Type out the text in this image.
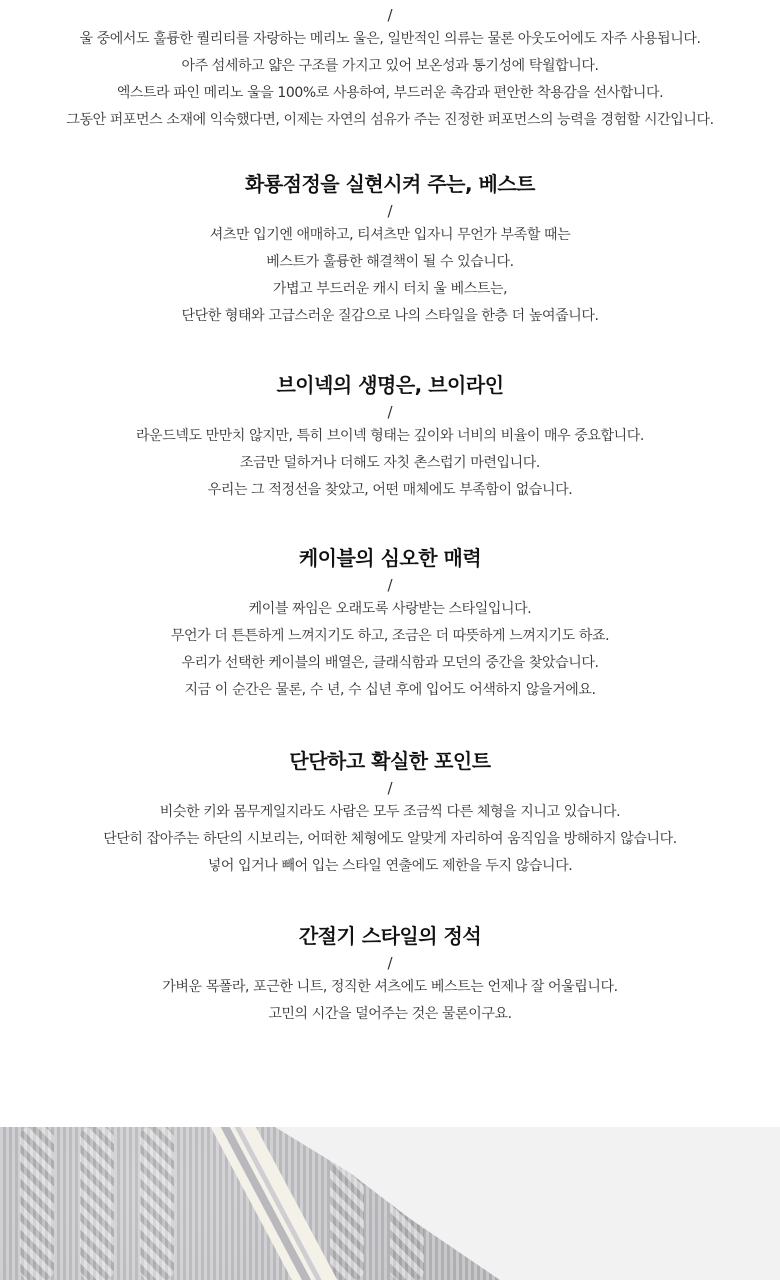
/
울 중에서도 훌륭한 퀄리티를 자랑하는 메리노 울은, 일반적인 의류는 물론 아웃도어에도 자주 사용됩니다.
아주 섬세하고 얇은 구조를 가지고 있어 보온성과 통기성에 탁월합니다.
엑스트라 파인 메리노 울을 100%로 사용하여, 부드러운 촉감과 편안한 착용감을 선사합니다.
그동안 퍼포먼스 소재에 익숙했다면, 이제는 자연의 섬유가 주는 진정한 퍼포먼스의 능력을 경험할 시간입니다.
화룡점정을 실현시켜 주는, 베스트
/
셔츠만 입기엔 애매하고, 티셔츠만 입자니 무언가 부족할 때는
베스트가 훌륭한 해결책이 될 수 있습니다.
가볍고 부드러운 캐시 터치 울 베스트는,
단단한 형태와 고급스러운 질감으로 나의 스타일을 한층 더 높여줍니다.
브이넥의 생명은, 브이라인
/
라운드넥도 만만치 않지만, 특히 브이넥 형태는 깊이와 너비의 비율이 매우 중요합니다.
조금만 덜하거나 더해도 자칫 촌스럽기 마련입니다.
우리는 그 적정선을 찾았고, 어떤 매체에도 부족함이 없습니다.
케이블의 심오한 매력
/
케이블 짜임은 오래도록 사랑받는 스타일입니다.
무언가 더 튼튼하게 느껴지기도 하고, 조금은 더 따뜻하게 느껴지기도 하죠.
우리가 선택한 케이블의 배열은, 클래식함과 모던의 중간을 찾았습니다.
지금 이 순간은 물론, 수 년, 수 십년 후에 입어도 어색하지 않을거에요.
단단하고 확실한 포인트
/
비슷한 키와 몸무게일지라도 사람은 모두 조금씩 다른 체형을 지니고 있습니다.
단단히 잡아주는 하단의 시보리는, 어떠한 체형에도 알맞게 자리하여 움직임을 방해하지 않습니다.
넣어 입거나 빼어 입는 스타일 연출에도 제한을 두지 않습니다.
간절기 스타일의 정석
/
가벼운 목폴라, 포근한 니트, 정직한 셔츠에도 베스트는 언제나 잘 어울립니다.
고민의 시간을 덜어주는 것은 물론이구요.
